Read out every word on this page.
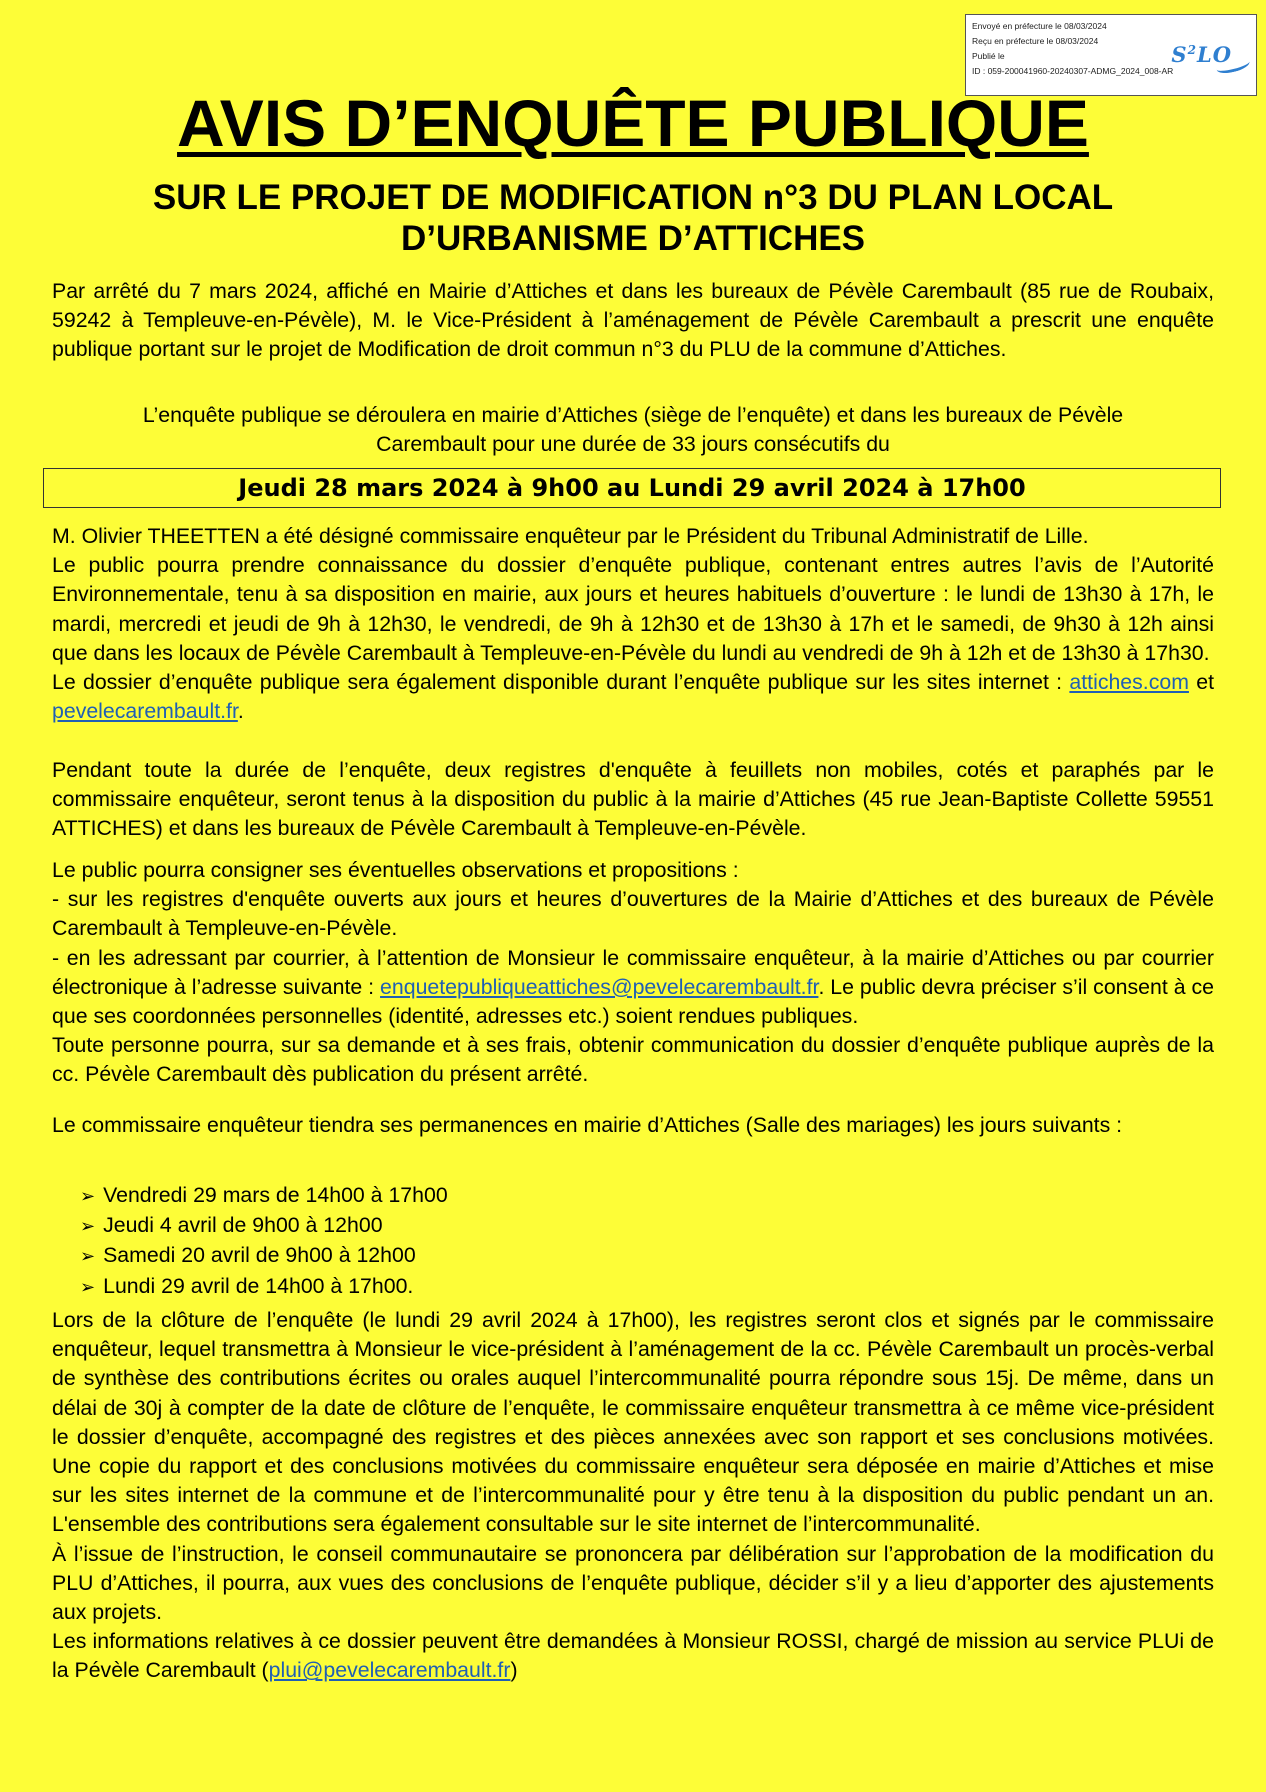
Envoyé en préfecture le 08/03/2024
Reçu en préfecture le 08/03/2024
Publié le
ID : 059-200041960-20240307-ADMG_2024_008-AR
$S^2LO$
AVIS D’ENQUÊTE PUBLIQUE
SUR LE PROJET DE MODIFICATION n°3 DU PLAN LOCAL
D’URBANISME D’ATTICHES
Par arrêté du 7 mars 2024, affiché en Mairie d’Attiches et dans les bureaux de Pévèle Carembault (85 rue de Roubaix, 59242 à Templeuve-en-Pévèle), M. le Vice-Président à l’aménagement de Pévèle Carembault a prescrit une enquête publique portant sur le projet de Modification de droit commun n°3 du PLU de la commune d’Attiches.
L’enquête publique se déroulera en mairie d’Attiches (siège de l’enquête) et dans les bureaux de Pévèle
Carembault pour une durée de 33 jours consécutifs du
Jeudi 28 mars 2024 à 9h00 au Lundi 29 avril 2024 à 17h00
M. Olivier THEETTEN a été désigné commissaire enquêteur par le Président du Tribunal Administratif de Lille.
Le public pourra prendre connaissance du dossier d’enquête publique, contenant entres autres l’avis de l’Autorité Environnementale, tenu à sa disposition en mairie, aux jours et heures habituels d’ouverture : le lundi de 13h30 à 17h, le mardi, mercredi et jeudi de 9h à 12h30, le vendredi, de 9h à 12h30 et de 13h30 à 17h et le samedi, de 9h30 à 12h ainsi que dans les locaux de Pévèle Carembault à Templeuve-en-Pévèle du lundi au vendredi de 9h à 12h et de 13h30 à 17h30.
Le dossier d’enquête publique sera également disponible durant l’enquête publique sur les sites internet : attiches.com et pevelecarembault.fr.
Pendant toute la durée de l’enquête, deux registres d'enquête à feuillets non mobiles, cotés et paraphés par le commissaire enquêteur, seront tenus à la disposition du public à la mairie d’Attiches (45 rue Jean-Baptiste Collette 59551 ATTICHES) et dans les bureaux de Pévèle Carembault à Templeuve-en-Pévèle.
Le public pourra consigner ses éventuelles observations et propositions :
- sur les registres d'enquête ouverts aux jours et heures d’ouvertures de la Mairie d’Attiches et des bureaux de Pévèle Carembault à Templeuve-en-Pévèle.
- en les adressant par courrier, à l’attention de Monsieur le commissaire enquêteur, à la mairie d’Attiches ou par courrier électronique à l’adresse suivante : enquetepubliqueattiches@pevelecarembault.fr. Le public devra préciser s’il consent à ce que ses coordonnées personnelles (identité, adresses etc.) soient rendues publiques.
Toute personne pourra, sur sa demande et à ses frais, obtenir communication du dossier d’enquête publique auprès de la cc. Pévèle Carembault dès publication du présent arrêté.
Le commissaire enquêteur tiendra ses permanences en mairie d’Attiches (Salle des mariages) les jours suivants :
➢ Vendredi 29 mars de 14h00 à 17h00
➢ Jeudi 4 avril de 9h00 à 12h00
➢ Samedi 20 avril de 9h00 à 12h00
➢ Lundi 29 avril de 14h00 à 17h00.
Lors de la clôture de l’enquête (le lundi 29 avril 2024 à 17h00), les registres seront clos et signés par le commissaire enquêteur, lequel transmettra à Monsieur le vice-président à l’aménagement de la cc. Pévèle Carembault un procès-verbal de synthèse des contributions écrites ou orales auquel l’intercommunalité pourra répondre sous 15j. De même, dans un délai de 30j à compter de la date de clôture de l’enquête, le commissaire enquêteur transmettra à ce même vice-président le dossier d’enquête, accompagné des registres et des pièces annexées avec son rapport et ses conclusions motivées. Une copie du rapport et des conclusions motivées du commissaire enquêteur sera déposée en mairie d’Attiches et mise sur les sites internet de la commune et de l’intercommunalité pour y être tenu à la disposition du public pendant un an. L'ensemble des contributions sera également consultable sur le site internet de l’intercommunalité.
À l’issue de l’instruction, le conseil communautaire se prononcera par délibération sur l’approbation de la modification du PLU d’Attiches, il pourra, aux vues des conclusions de l’enquête publique, décider s’il y a lieu d’apporter des ajustements aux projets.
Les informations relatives à ce dossier peuvent être demandées à Monsieur ROSSI, chargé de mission au service PLUi de la Pévèle Carembault (plui@pevelecarembault.fr)
